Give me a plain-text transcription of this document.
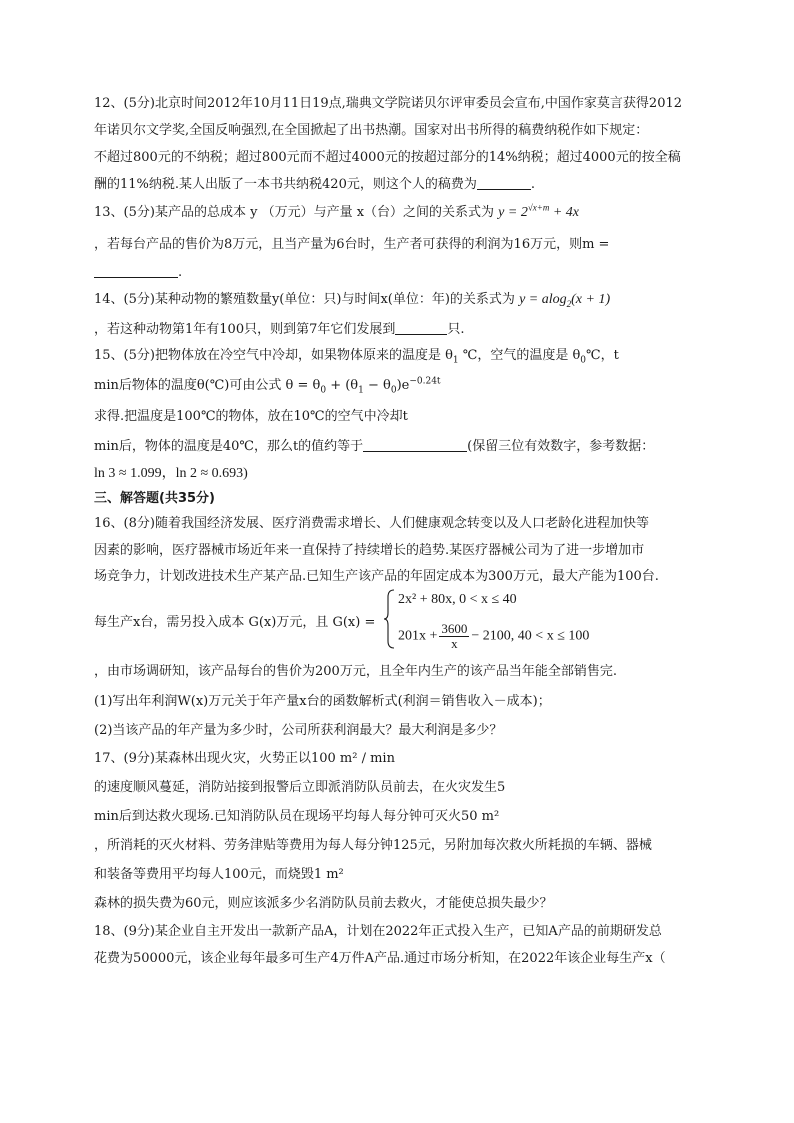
12、(5分)北京时间2012年10月11日19点,瑞典文学院诺贝尔评审委员会宣布,中国作家莫言获得2012
年诺贝尔文学奖,全国反响强烈,在全国掀起了出书热潮。国家对出书所得的稿费纳税作如下规定：
不超过800元的不纳税；超过800元而不超过4000元的按超过部分的14%纳税；超过4000元的按全稿
酬的11%纳税.某人出版了一本书共纳税420元，则这个人的稿费为	.
13、(5分)某产品的总成本 y （万元）与产量 x（台）之间的关系式为 $y = 2^{√x+m} + 4x$
，若每台产品的售价为8万元，且当产量为6台时，生产者可获得的利润为16万元，则m =
.
14、(5分)某种动物的繁殖数量y(单位：只)与时间x(单位：年)的关系式为 y = alog$_2$(x + 1)
，若这种动物第1年有100只，则到第7年它们发展到	只.
15、(5分)把物体放在冷空气中冷却，如果物体原来的温度是 $\theta_1$ ℃，空气的温度是 $\theta_0℃$，t
min后物体的温度θ(℃)可由公式 $\theta = \theta_0 + (\theta_1 - \theta_0)e^{-0.24t}$
求得.把温度是100℃的物体，放在10℃的空气中冷却t
min后，物体的温度是40℃，那么t的值约等于	(保留三位有效数字，参考数据：
ln 3 ≈ 1.099，ln 2 ≈ 0.693)
三、解答题(共35分)
16、(8分)随着我国经济发展、医疗消费需求增长、人们健康观念转变以及人口老龄化进程加快等
因素的影响，医疗器械市场近年来一直保持了持续增长的趋势.某医疗器械公司为了进一步增加市
场竞争力，计划改进技术生产某产品.已知生产该产品的年固定成本为300万元，最大产能为100台.
每生产x台，需另投入成本 G(x)万元，且 G(x) =
2x² + 80x, 0 < x ≤ 40
$201x + \frac{3600}{x} - 2100$, 40 < x ≤ 100
，由市场调研知，该产品每台的售价为200万元，且全年内生产的该产品当年能全部销售完.
(1)写出年利润W(x)万元关于年产量x台的函数解析式(利润＝销售收入－成本)；
(2)当该产品的年产量为多少时，公司所获利润最大？最大利润是多少？
17、(9分)某森林出现火灾，火势正以100 m² / min
的速度顺风蔓延，消防站接到报警后立即派消防队员前去，在火灾发生5
min后到达救火现场.已知消防队员在现场平均每人每分钟可灭火50 m²
，所消耗的灭火材料、劳务津贴等费用为每人每分钟125元，另附加每次救火所耗损的车辆、器械
和装备等费用平均每人100元，而烧毁1 m²
森林的损失费为60元，则应该派多少名消防队员前去救火，才能使总损失最少？
18、(9分)某企业自主开发出一款新产品A，计划在2022年正式投入生产，已知A产品的前期研发总
花费为50000元，该企业每年最多可生产4万件A产品.通过市场分析知，在2022年该企业每生产x（
